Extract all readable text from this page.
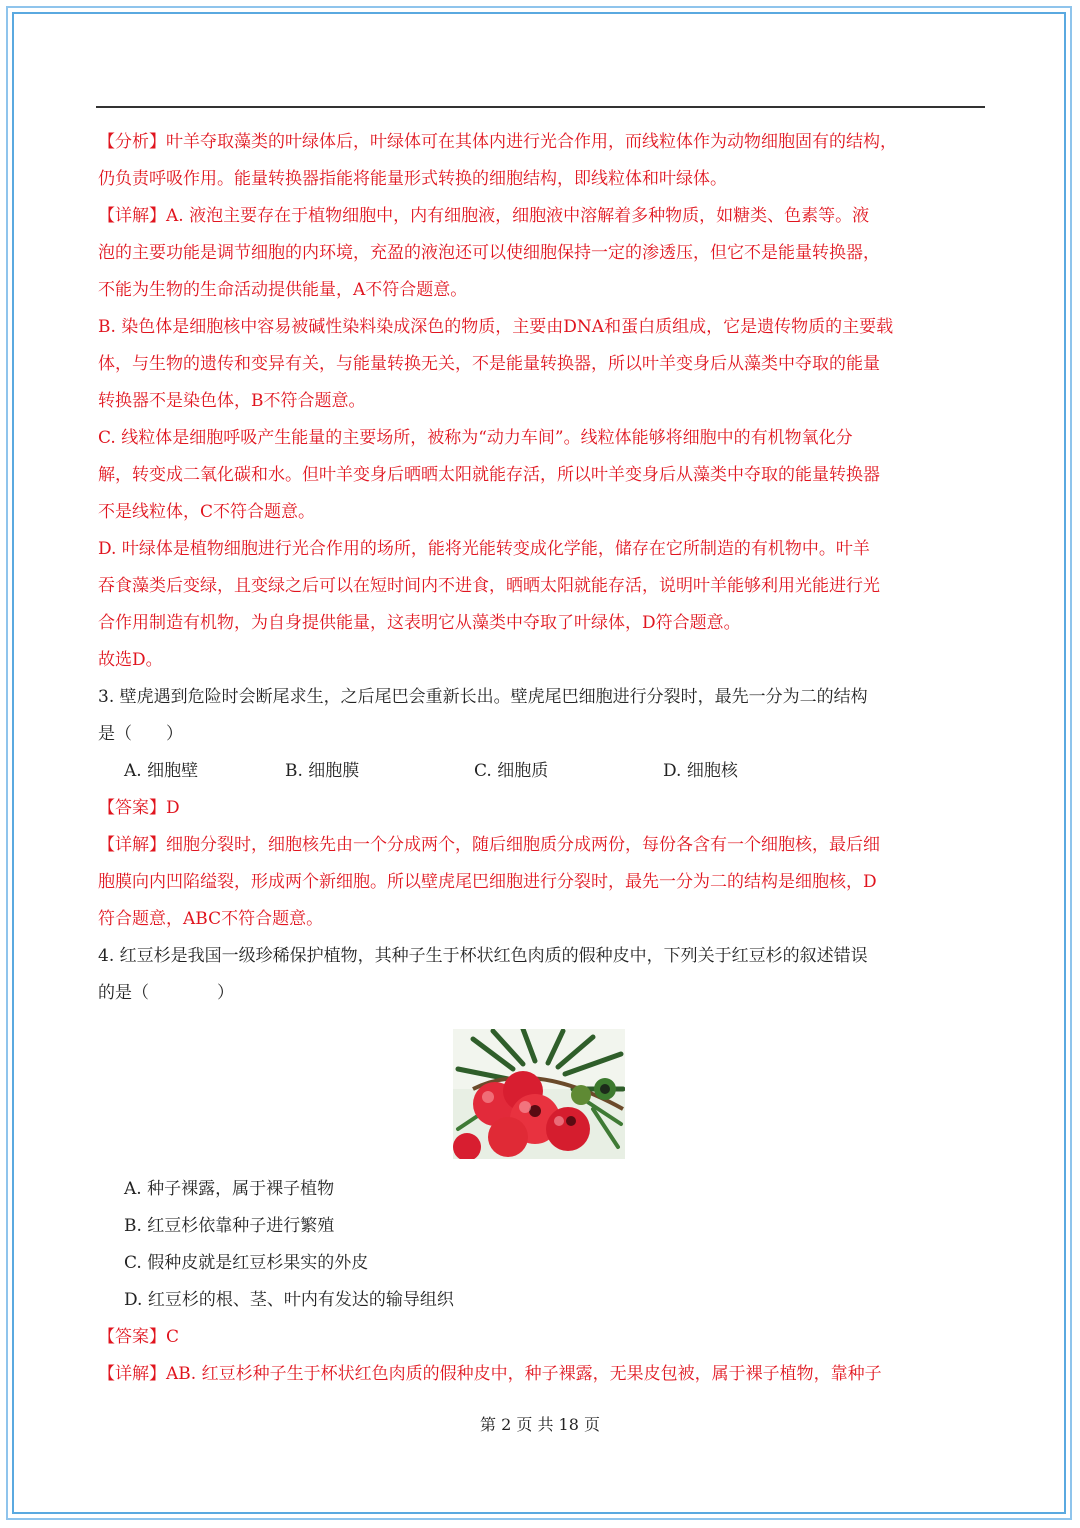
【分析】叶羊夺取藻类的叶绿体后，叶绿体可在其体内进行光合作用，而线粒体作为动物细胞固有的结构，
仍负责呼吸作用。能量转换器指能将能量形式转换的细胞结构，即线粒体和叶绿体。
【详解】A. 液泡主要存在于植物细胞中，内有细胞液，细胞液中溶解着多种物质，如糖类、色素等。液
泡的主要功能是调节细胞的内环境，充盈的液泡还可以使细胞保持一定的渗透压，但它不是能量转换器，
不能为生物的生命活动提供能量，A不符合题意。
B. 染色体是细胞核中容易被碱性染料染成深色的物质，主要由DNA和蛋白质组成，它是遗传物质的主要载
体，与生物的遗传和变异有关，与能量转换无关，不是能量转换器，所以叶羊变身后从藻类中夺取的能量
转换器不是染色体，B不符合题意。
C. 线粒体是细胞呼吸产生能量的主要场所，被称为“动力车间”。线粒体能够将细胞中的有机物氧化分
解，转变成二氧化碳和水。但叶羊变身后晒晒太阳就能存活，所以叶羊变身后从藻类中夺取的能量转换器
不是线粒体，C不符合题意。
D. 叶绿体是植物细胞进行光合作用的场所，能将光能转变成化学能，储存在它所制造的有机物中。叶羊
吞食藻类后变绿，且变绿之后可以在短时间内不进食，晒晒太阳就能存活，说明叶羊能够利用光能进行光
合作用制造有机物，为自身提供能量，这表明它从藻类中夺取了叶绿体，D符合题意。
故选D。
3. 壁虎遇到危险时会断尾求生，之后尾巴会重新长出。壁虎尾巴细胞进行分裂时，最先一分为二的结构
是（　　）
A. 细胞壁	B. 细胞膜	C. 细胞质	D. 细胞核
【答案】D
【详解】细胞分裂时，细胞核先由一个分成两个，随后细胞质分成两份，每份各含有一个细胞核，最后细
胞膜向内凹陷缢裂，形成两个新细胞。所以壁虎尾巴细胞进行分裂时，最先一分为二的结构是细胞核，D
符合题意，ABC不符合题意。
4. 红豆杉是我国一级珍稀保护植物，其种子生于杯状红色肉质的假种皮中，下列关于红豆杉的叙述错误
的是（　　　　）
A. 种子裸露，属于裸子植物
B. 红豆杉依靠种子进行繁殖
C. 假种皮就是红豆杉果实的外皮
D. 红豆杉的根、茎、叶内有发达的输导组织
【答案】C
【详解】AB. 红豆杉种子生于杯状红色肉质的假种皮中，种子裸露，无果皮包被，属于裸子植物，靠种子
第 2 页 共 18 页
